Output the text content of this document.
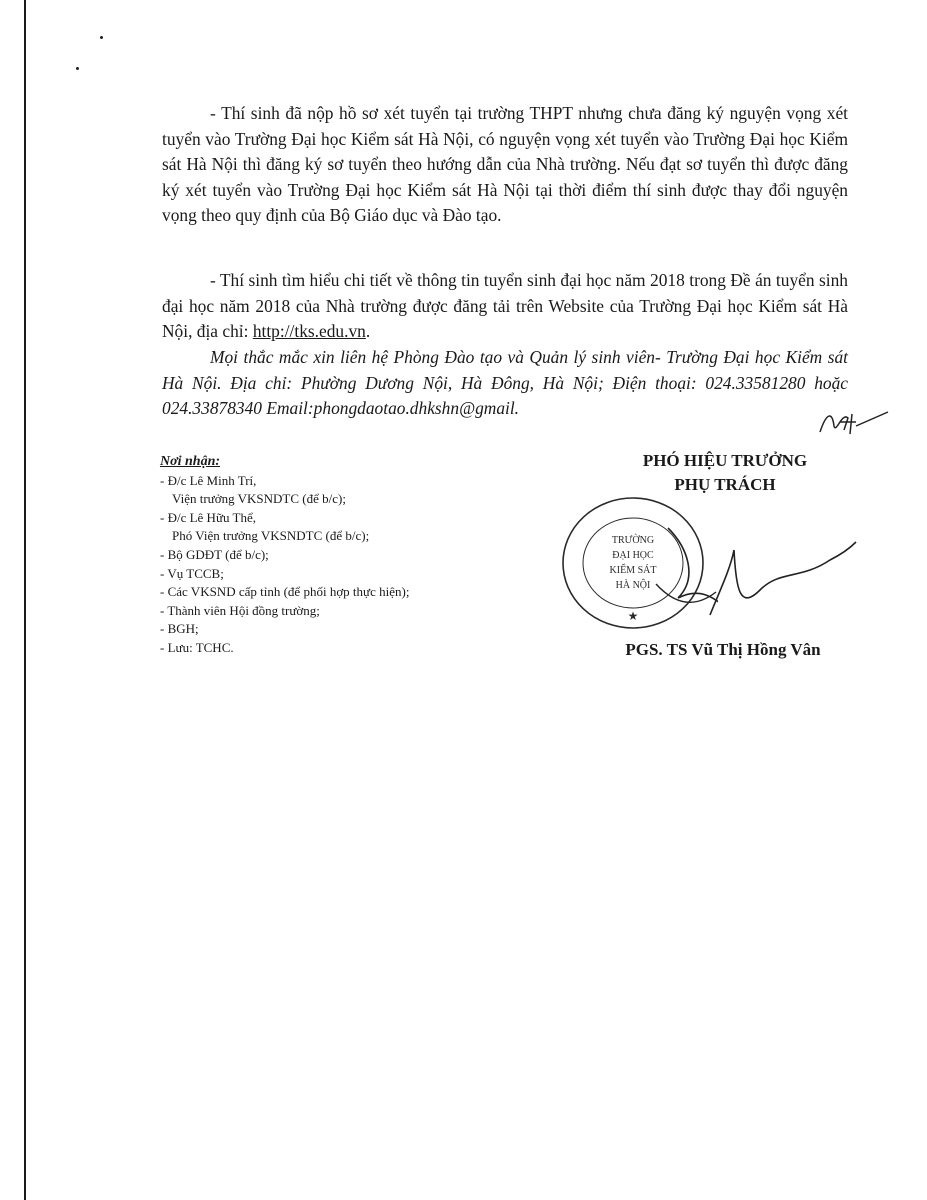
- Thí sinh đã nộp hồ sơ xét tuyển tại trường THPT nhưng chưa đăng ký nguyện vọng xét tuyển vào Trường Đại học Kiểm sát Hà Nội, có nguyện vọng xét tuyển vào Trường Đại học Kiểm sát Hà Nội thì đăng ký sơ tuyển theo hướng dẫn của Nhà trường. Nếu đạt sơ tuyển thì được đăng ký xét tuyển vào Trường Đại học Kiểm sát Hà Nội tại thời điểm thí sinh được thay đổi nguyện vọng theo quy định của Bộ Giáo dục và Đào tạo.

- Thí sinh tìm hiểu chi tiết về thông tin tuyển sinh đại học năm 2018 trong Đề án tuyển sinh đại học năm 2018 của Nhà trường được đăng tải trên Website của Trường Đại học Kiểm sát Hà Nội, địa chỉ: http://tks.edu.vn.

Mọi thắc mắc xin liên hệ Phòng Đào tạo và Quản lý sinh viên- Trường Đại học Kiểm sát Hà Nội. Địa chỉ: Phường Dương Nội, Hà Đông, Hà Nội; Điện thoại: 024.33581280 hoặc 024.33878340 Email:phongdaotao.dhkshn@gmail.

Nơi nhận:
- Đ/c Lê Minh Trí,
Viện trưởng VKSNDTC (để b/c);
- Đ/c Lê Hữu Thể,
Phó Viện trưởng VKSNDTC (để b/c);
- Bộ GDĐT (để b/c);
- Vụ TCCB;
- Các VKSND cấp tỉnh (để phối hợp thực hiện);
- Thành viên Hội đồng trường;
- BGH;
- Lưu: TCHC.
PHÓ HIỆU TRƯỞNG
PHỤ TRÁCH
TRƯỜNG
ĐẠI HỌC
KIỂM SÁT
HÀ NỘI
★
PGS. TS Vũ Thị Hồng Vân
